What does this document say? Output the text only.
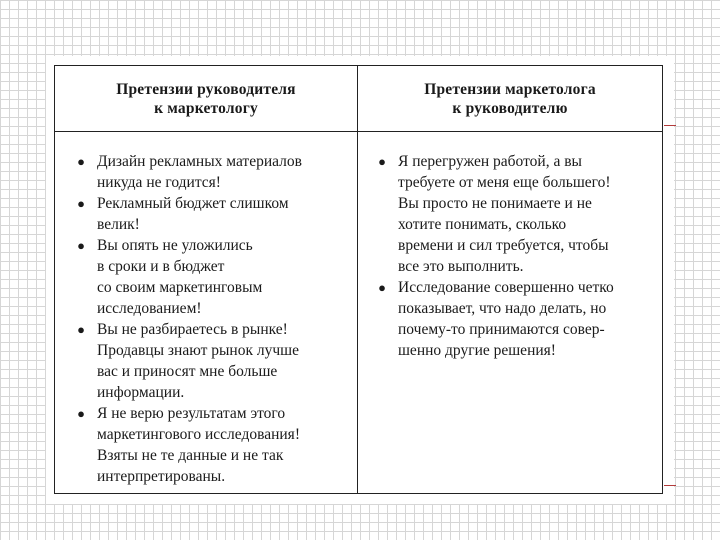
Претензии руководителя
к маркетологу
Претензии маркетолога
к руководителю
● Дизайн рекламных материалов
никуда не годится!
● Рекламный бюджет слишком
велик!
● Вы опять не уложились
в сроки и в бюджет
со своим маркетинговым
исследованием!
● Вы не разбираетесь в рынке!
Продавцы знают рынок лучше
вас и приносят мне больше
информации.
● Я не верю результатам этого
маркетингового исследования!
Взяты не те данные и не так
интерпретированы.
● Я перегружен работой, а вы
требуете от меня еще большего!
Вы просто не понимаете и не
хотите понимать, сколько
времени и сил требуется, чтобы
все это выполнить.
● Исследование совершенно четко
показывает, что надо делать, но
почему-то принимаются совер-
шенно другие решения!
